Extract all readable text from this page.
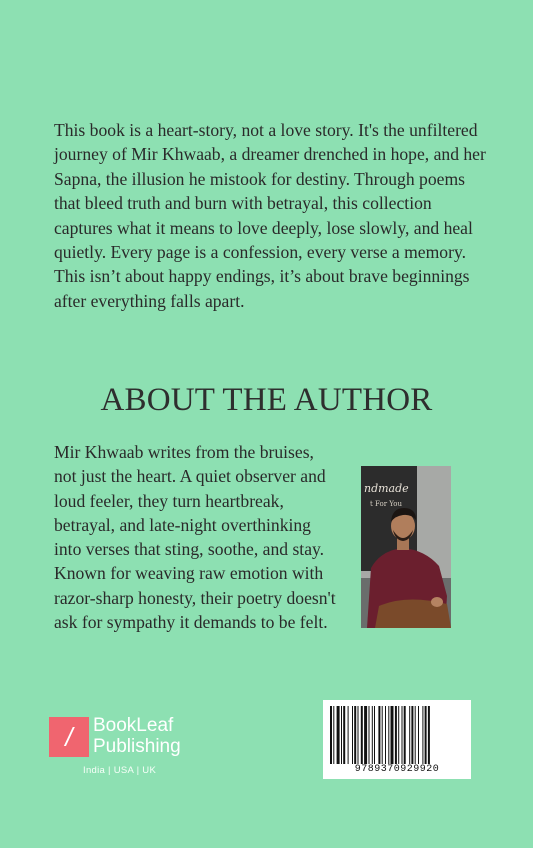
This book is a heart-story, not a love story. It's the unfiltered journey of Mir Khwaab, a dreamer drenched in hope, and her Sapna, the illusion he mistook for destiny. Through poems that bleed truth and burn with betrayal, this collection captures what it means to love deeply, lose slowly, and heal quietly. Every page is a confession, every verse a memory. This isn’t about happy endings, it’s about brave beginnings after everything falls apart.

ABOUT THE AUTHOR

Mir Khwaab writes from the bruises, not just the heart. A quiet observer and loud feeler, they turn heartbreak, betrayal, and late-night overthinking into verses that sting, soothe, and stay. Known for weaving raw emotion with razor-sharp honesty, their poetry doesn't ask for sympathy it demands to be felt.

ndmade
t For You
/	BookLeaf
Publishing
India | USA | UK	9789370929920
